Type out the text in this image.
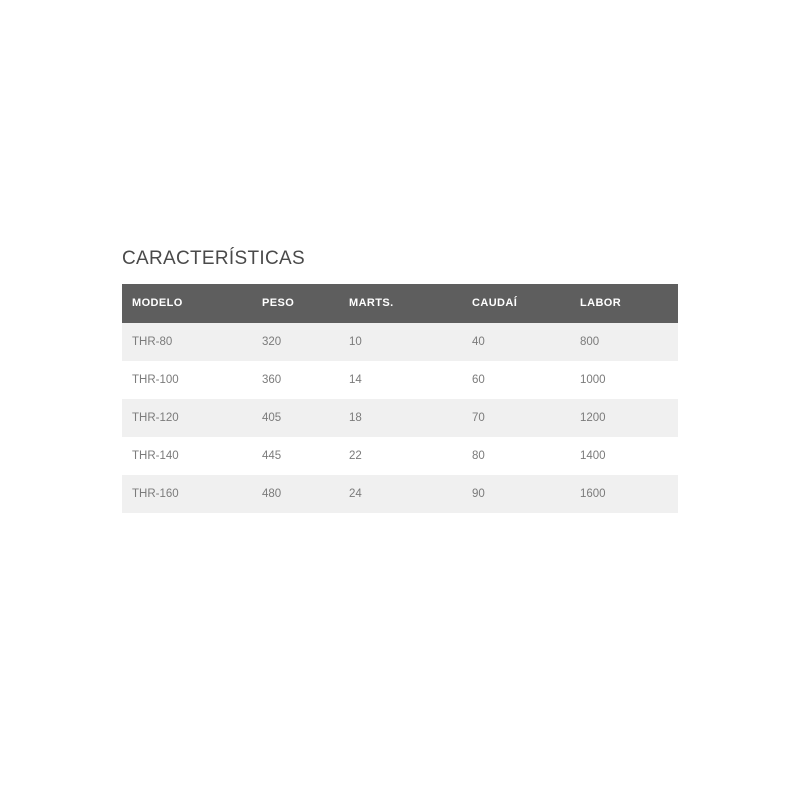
CARACTERÍSTICAS
MODELO	PESO	MARTS.	CAUDAÍ	LABOR
THR-80	320	10	40	800
THR-100	360	14	60	1000
THR-120	405	18	70	1200
THR-140	445	22	80	1400
THR-160	480	24	90	1600
